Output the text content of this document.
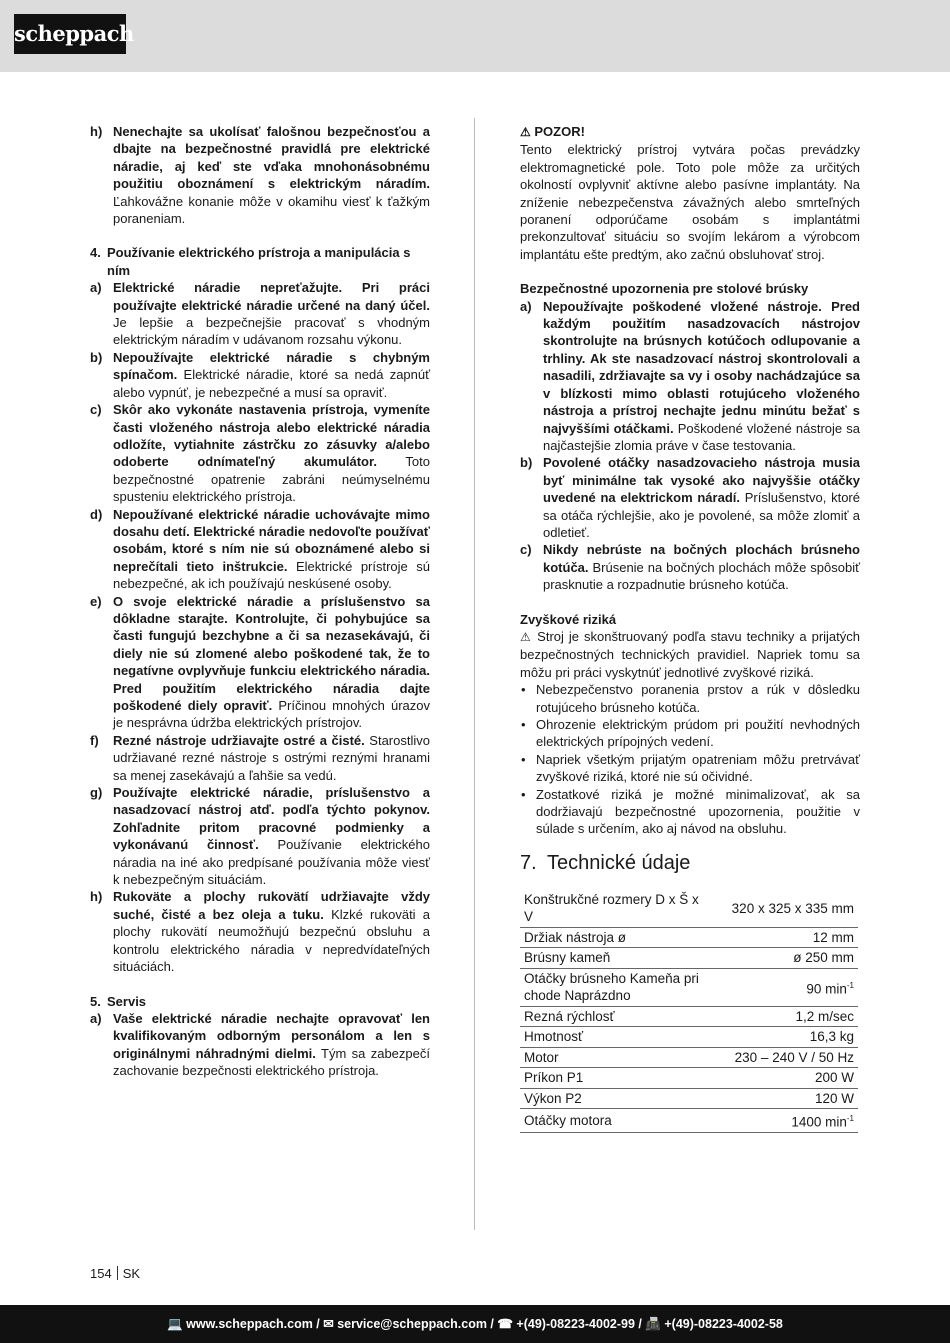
scheppach
h) Nenechajte sa ukolísať falošnou bezpečnosťou a dbajte na bezpečnostné pravidlá pre elektrické náradie, aj keď ste vďaka mnohonásobnému použitiu oboznámení s elektrickým náradím. Ľahkovážne konanie môže v okamihu viesť k ťažkým poraneniam.
4. Používanie elektrického prístroja a manipulácia s ním
a) Elektrické náradie nepreťažujte. Pri práci používajte elektrické náradie určené na daný účel. Je lepšie a bezpečnejšie pracovať s vhodným elektrickým náradím v udávanom rozsahu výkonu.
b) Nepoužívajte elektrické náradie s chybným spínačom. Elektrické náradie, ktoré sa nedá zapnúť alebo vypnúť, je nebezpečné a musí sa opraviť.
c) Skôr ako vykonáte nastavenia prístroja, vymeníte časti vloženého nástroja alebo elektrické náradia odložíte, vytiahnite zástrčku zo zásuvky a/alebo odoberte odnímateľný akumulátor. Toto bezpečnostné opatrenie zabráni neúmyselnému spusteniu elektrického prístroja.
d) Nepoužívané elektrické náradie uchovávajte mimo dosahu detí. Elektrické náradie nedovoľte používať osobám, ktoré s ním nie sú oboznámené alebo si neprečítali tieto inštrukcie. Elektrické prístroje sú nebezpečné, ak ich používajú neskúsené osoby.
e) O svoje elektrické náradie a príslušenstvo sa dôkladne starajte. Kontrolujte, či pohybujúce sa časti fungujú bezchybne a či sa nezasekávajú, či diely nie sú zlomené alebo poškodené tak, že to negatívne ovplyvňuje funkciu elektrického náradia. Pred použitím elektrického náradia dajte poškodené diely opraviť. Príčinou mnohých úrazov je nesprávna údržba elektrických prístrojov.
f)	Rezné nástroje udržiavajte ostré a čisté. Starostlivo udržiavané rezné nástroje s ostrými reznými hranami sa menej zasekávajú a ľahšie sa vedú.
g) Používajte elektrické náradie, príslušenstvo a nasadzovací nástroj atď. podľa týchto pokynov. Zohľadnite pritom pracovné podmienky a vykonávanú činnosť. Používanie elektrického náradia na iné ako predpísané používania môže viesť k nebezpečným situáciám.
h) Rukoväte a plochy rukovätí udržiavajte vždy suché, čisté a bez oleja a tuku. Klzké rukoväti a plochy rukovätí neumožňujú bezpečnú obsluhu a kontrolu elektrického náradia v nepredvídateľných situáciách.
5. Servis
a) Vaše elektrické náradie nechajte opravovať len kvalifikovaným odborným personálom a len s originálnymi náhradnými dielmi. Tým sa zabezpečí zachovanie bezpečnosti elektrického prístroja.

⚠ POZOR!

Tento elektrický prístroj vytvára počas prevádzky elektromagnetické pole. Toto pole môže za určitých okolností ovplyvniť aktívne alebo pasívne implantáty. Na zníženie nebezpečenstva závažných alebo smrteľných poranení odporúčame osobám s implantátmi prekonzultovať situáciu so svojím lekárom a výrobcom implantátu ešte predtým, ako začnú obsluhovať stroj.

Bezpečnostné upozornenia pre stolové brúsky

a) Nepoužívajte poškodené vložené nástroje. Pred každým použitím nasadzovacích nástrojov skontrolujte na brúsnych kotúčoch odlupovanie a trhliny. Ak ste nasadzovací nástroj skontrolovali a nasadili, zdržiavajte sa vy i osoby nachádzajúce sa v blízkosti mimo oblasti rotujúceho vloženého nástroja a prístroj nechajte jednu minútu bežať s najvyššími otáčkami. Poškodené vložené nástroje sa najčastejšie zlomia práve v čase testovania.
b) Povolené otáčky nasadzovacieho nástroja musia byť minimálne tak vysoké ako najvyššie otáčky uvedené na elektrickom náradí. Príslušenstvo, ktoré sa otáča rýchlejšie, ako je povolené, sa môže zlomiť a odletieť.
c) Nikdy nebrúste na bočných plochách brúsneho kotúča. Brúsenie na bočných plochách môže spôsobiť prasknutie a rozpadnutie brúsneho kotúča.

Zvyškové riziká

⚠ Stroj je skonštruovaný podľa stavu techniky a prijatých bezpečnostných technických pravidiel. Napriek tomu sa môžu pri práci vyskytnúť jednotlivé zvyškové riziká.

• Nebezpečenstvo poranenia prstov a rúk v dôsledku rotujúceho brúsneho kotúča.
• Ohrozenie elektrickým prúdom pri použití nevhodných elektrických prípojných vedení.
• Napriek všetkým prijatým opatreniam môžu pretrvávať zvyškové riziká, ktoré nie sú očividné.
• Zostatkové riziká je možné minimalizovať, ak sa dodržiavajú bezpečnostné upozornenia, použitie v súlade s určením, ako aj návod na obsluhu.
7. Technické údaje
Konštrukčné rozmery D x Š x V	320 x 325 x 335 mm
Držiak nástroja ø	12 mm
Brúsny kameň	ø 250 mm
Otáčky brúsneho Kameňa pri chode Naprázdno	90 $\min^{-1}$
Rezná rýchlosť	1,2 m/sec
Hmotnosť	16,3 kg
Motor	230 – 240 V / 50 Hz
Príkon P1	200 W
Výkon P2	120 W
Otáčky motora	1400 $\min^{-1}$
154 SK
💻 www.scheppach.com / ✉ service@scheppach.com / ☎ +(49)-08223-4002-99 / 📠 +(49)-08223-4002-58
